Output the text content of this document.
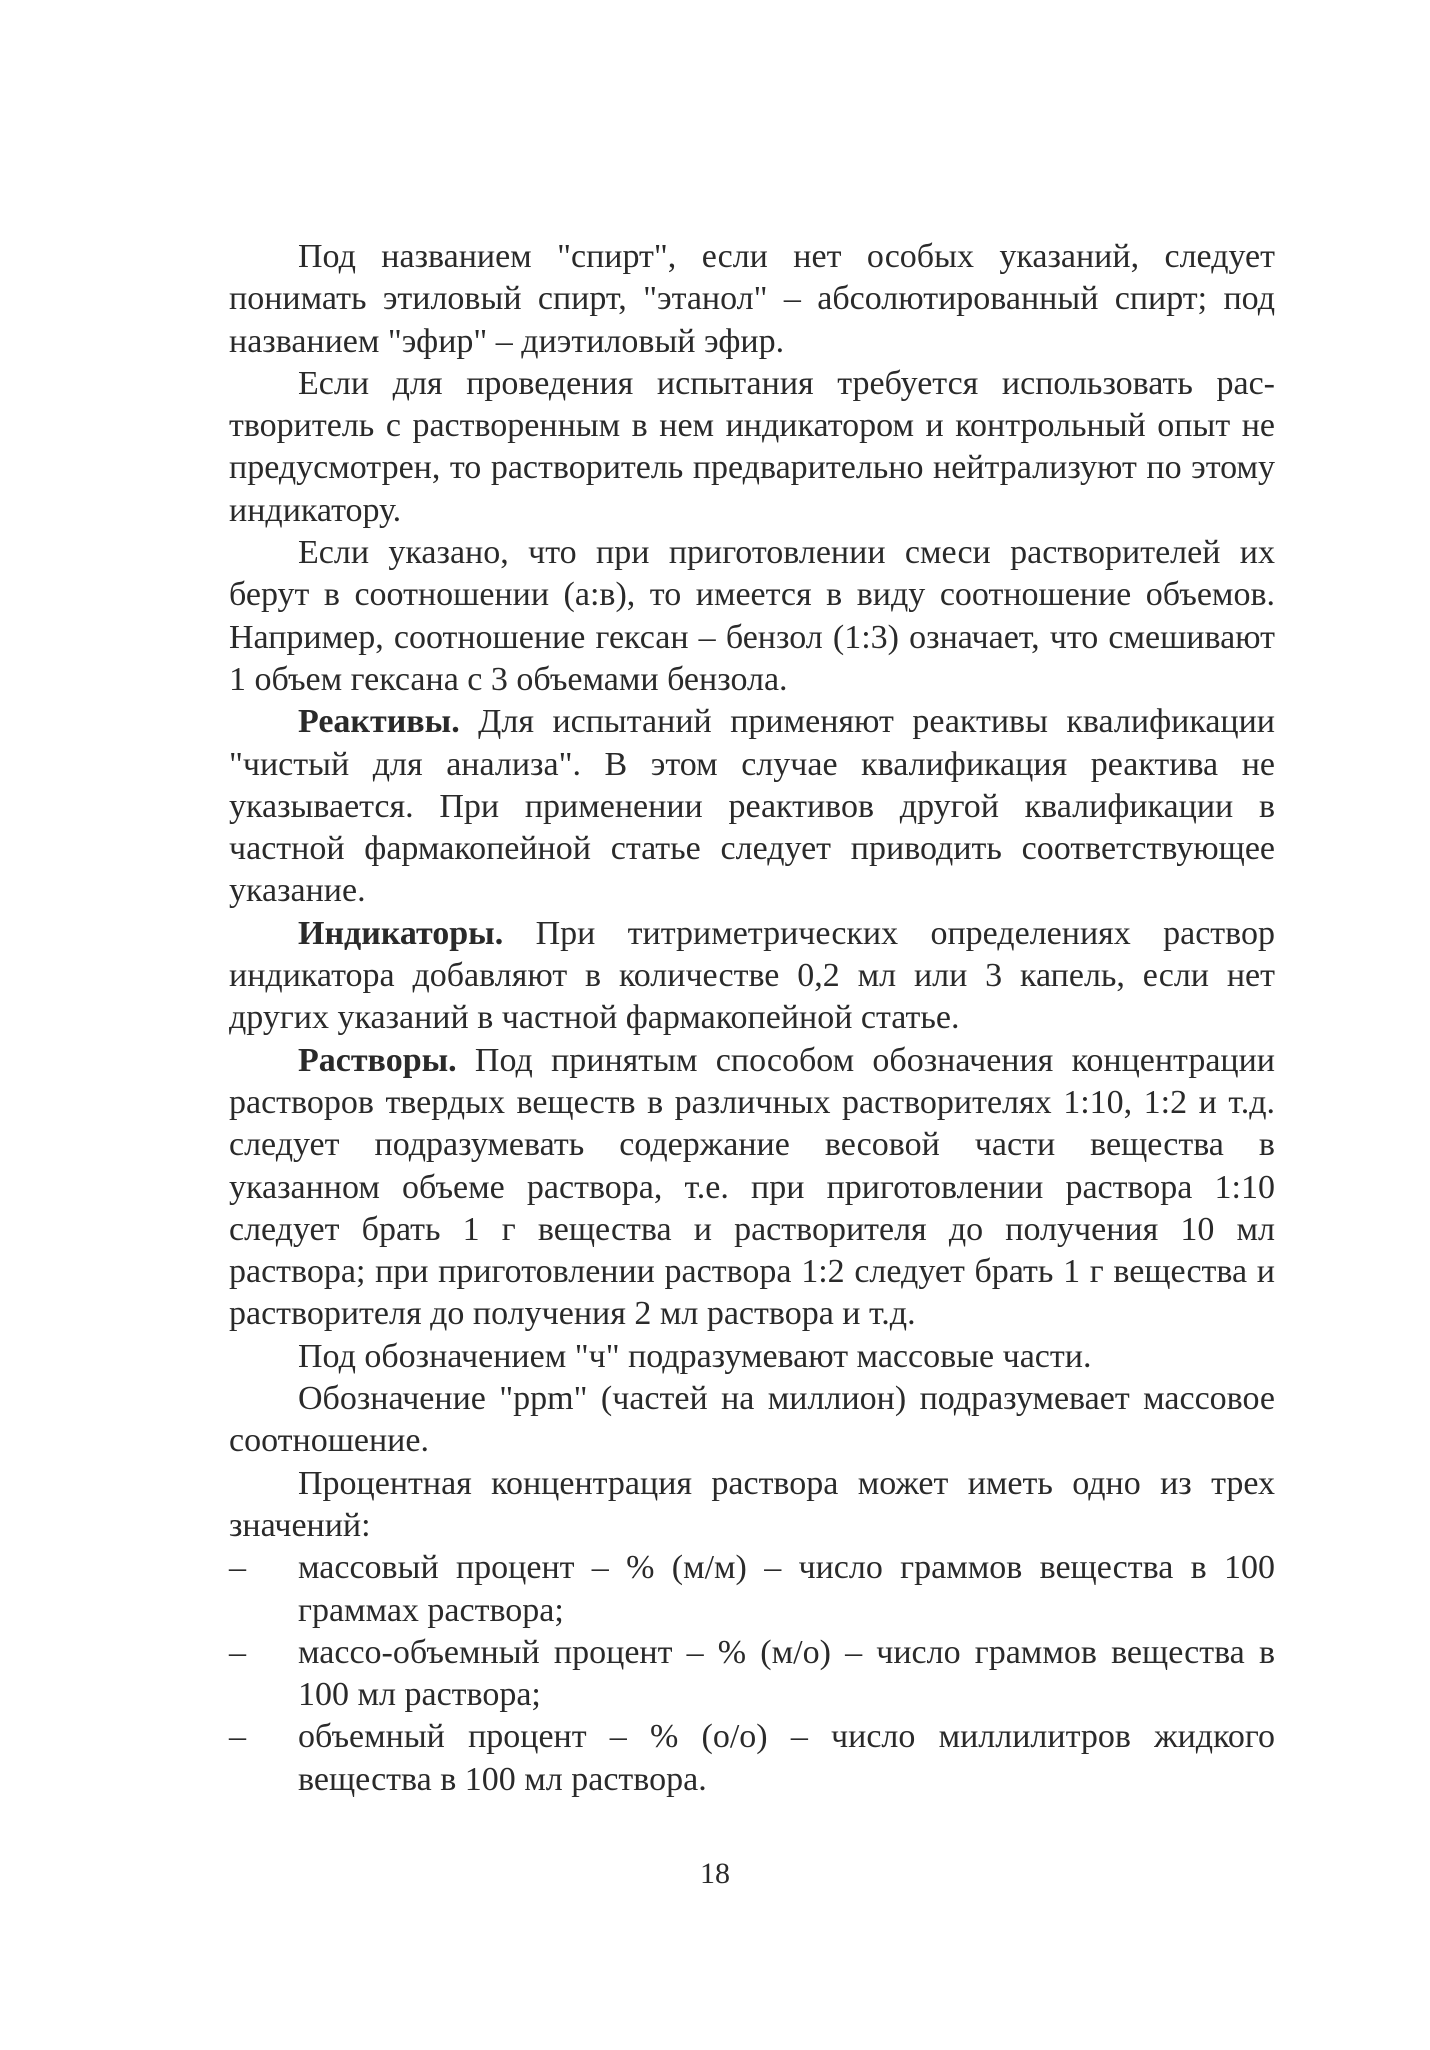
Под названием "спирт", если нет особых указаний, следует понимать этиловый спирт, "этанол" – абсолютированный спирт; под названием "эфир" – диэтиловый эфир.

Если для проведения испытания требуется использовать растворитель с растворенным в нем индикатором и контрольный опыт не предусмотрен, то растворитель предварительно нейтрализуют по этому индикатору.

Если указано, что при приготовлении смеси растворителей их берут в соотношении (а:в), то имеется в виду соотношение объемов. Например, соотношение гексан – бензол (1:3) означает, что смешивают 1 объем гексана с 3 объемами бензола.

Реактивы. Для испытаний применяют реактивы квалификации "чистый для анализа". В этом случае квалификация реактива не указывается. При применении реактивов другой квалификации в частной фармакопейной статье следует приводить соответствующее указание.

Индикаторы. При титриметрических определениях раствор индикатора добавляют в количестве 0,2 мл или 3 капель, если нет других указаний в частной фармакопейной статье.

Растворы. Под принятым способом обозначения концентрации растворов твердых веществ в различных растворителях 1:10, 1:2 и т.д. следует подразумевать содержание весовой части вещества в указанном объеме раствора, т.е. при приготовлении раствора 1:10 следует брать 1 г вещества и растворителя до получения 10 мл раствора; при приготовлении раствора 1:2 следует брать 1 г вещества и растворителя до получения 2 мл раствора и т.д.

Под обозначением "ч" подразумевают массовые части.

Обозначение "ppm" (частей на миллион) подразумевает массовое соотношение.

Процентная концентрация раствора может иметь одно из трех значений:

– массовый процент – % (м/м) – число граммов вещества в 100 граммах раствора;
– массо-объемный процент – % (м/о) – число граммов вещества в 100 мл раствора;
– объемный процент – % (о/о) – число миллилитров жидкого вещества в 100 мл раствора.
18
